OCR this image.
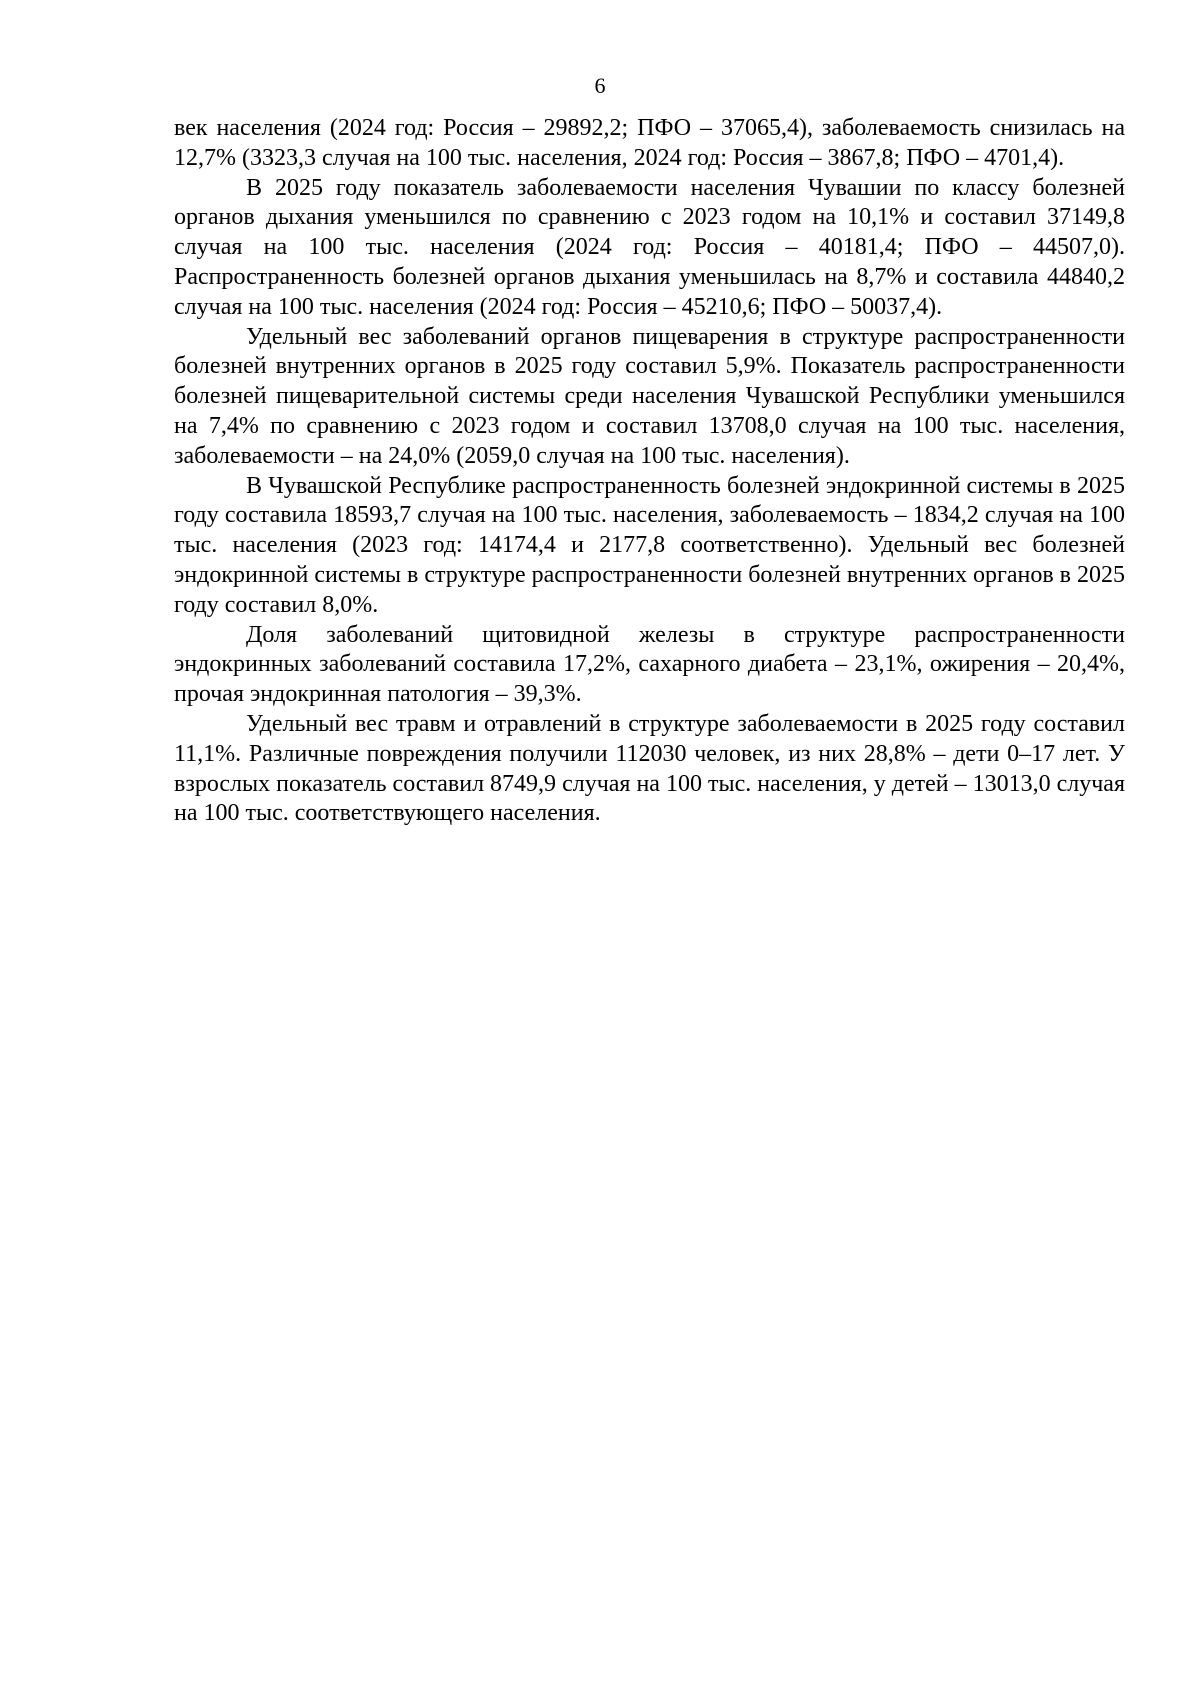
6

век населения (2024 год: Россия – 29892,2; ПФО – 37065,4), заболеваемость снизилась на 12,7% (3323,3 случая на 100 тыс. населения, 2024 год: Россия – 3867,8; ПФО – 4701,4).

В 2025 году показатель заболеваемости населения Чувашии по классу болезней органов дыхания уменьшился по сравнению с 2023 годом на 10,1% и составил 37149,8 случая на 100 тыс. населения (2024 год: Россия – 40181,4; ПФО – 44507,0). Распространенность болезней органов дыхания уменьшилась на 8,7% и составила 44840,2 случая на 100 тыс. населения (2024 год: Россия – 45210,6; ПФО – 50037,4).

Удельный вес заболеваний органов пищеварения в структуре распространенности болезней внутренних органов в 2025 году составил 5,9%. Показатель распространенности болезней пищеварительной системы среди населения Чувашской Республики уменьшился на 7,4% по сравнению с 2023 годом и составил 13708,0 случая на 100 тыс. населения, заболеваемости – на 24,0% (2059,0 случая на 100 тыс. населения).

В Чувашской Республике распространенность болезней эндокринной системы в 2025 году составила 18593,7 случая на 100 тыс. населения, заболеваемость – 1834,2 случая на 100 тыс. населения (2023 год: 14174,4 и 2177,8 соответственно). Удельный вес болезней эндокринной системы в структуре распространенности болезней внутренних органов в 2025 году составил 8,0%.

Доля заболеваний щитовидной железы в структуре распространенности эндокринных заболеваний составила 17,2%, сахарного диабета – 23,1%, ожирения – 20,4%, прочая эндокринная патология – 39,3%.

Удельный вес травм и отравлений в структуре заболеваемости в 2025 году составил 11,1%. Различные повреждения получили 112030 человек, из них 28,8% – дети 0–17 лет. У взрослых показатель составил 8749,9 случая на 100 тыс. населения, у детей – 13013,0 случая на 100 тыс. соответствующего населения.
